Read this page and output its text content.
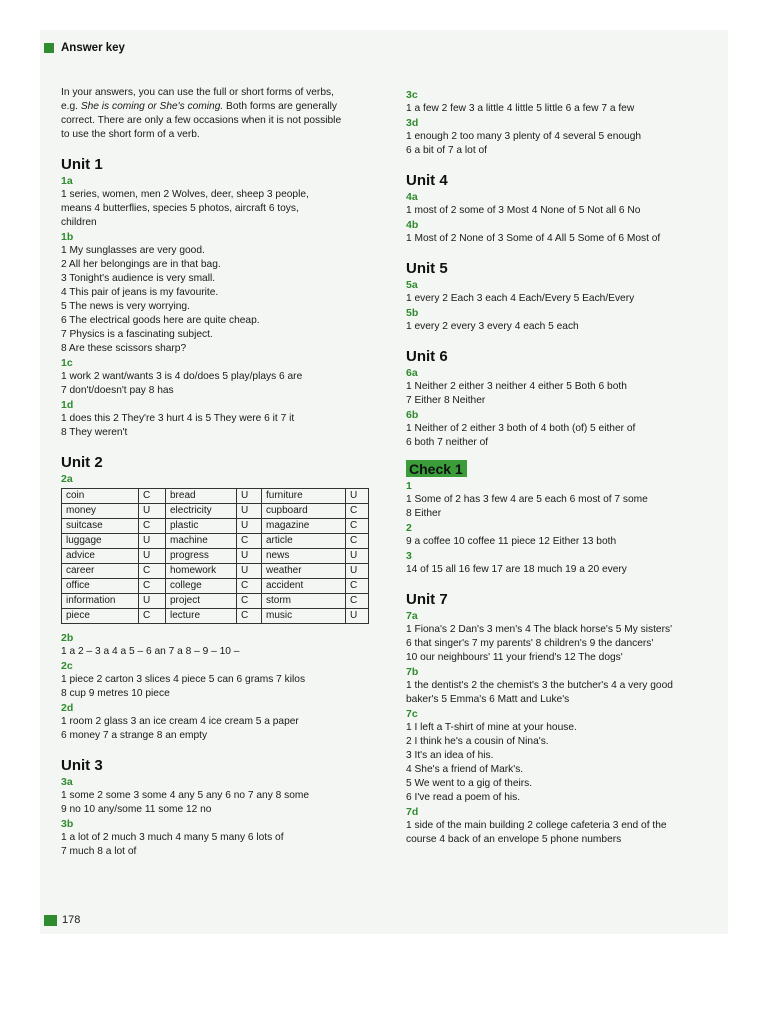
Answer key
In your answers, you can use the full or short forms of verbs,
e.g. She is coming or She's coming. Both forms are generally
correct. There are only a few occasions when it is not possible
to use the short form of a verb.
Unit 1
1a
1 series, women, men 2 Wolves, deer, sheep 3 people,
means 4 butterflies, species 5 photos, aircraft 6 toys,
children
1b
1 My sunglasses are very good.
2 All her belongings are in that bag.
3 Tonight's audience is very small.
4 This pair of jeans is my favourite.
5 The news is very worrying.
6 The electrical goods here are quite cheap.
7 Physics is a fascinating subject.
8 Are these scissors sharp?
1c
1 work 2 want/wants 3 is 4 do/does 5 play/plays 6 are
7 don't/doesn't pay 8 has
1d
1 does this 2 They're 3 hurt 4 is 5 They were 6 it 7 it
8 They weren't
Unit 2
2a
coin	C	bread	U	furniture	U
money	U	electricity	U	cupboard	C
suitcase	C	plastic	U	magazine	C
luggage	U	machine	C	article	C
advice	U	progress	U	news	U
career	C	homework	U	weather	U
office	C	college	C	accident	C
information	U	project	C	storm	C
piece	C	lecture	C	music	U
2b
1 a 2 – 3 a 4 a 5 – 6 an 7 a 8 – 9 – 10 –
2c
1 piece 2 carton 3 slices 4 piece 5 can 6 grams 7 kilos
8 cup 9 metres 10 piece
2d
1 room 2 glass 3 an ice cream 4 ice cream 5 a paper
6 money 7 a strange 8 an empty
Unit 3
3a
1 some 2 some 3 some 4 any 5 any 6 no 7 any 8 some
9 no 10 any/some 11 some 12 no
3b
1 a lot of 2 much 3 much 4 many 5 many 6 lots of
7 much 8 a lot of
3c
1 a few 2 few 3 a little 4 little 5 little 6 a few 7 a few
3d
1 enough 2 too many 3 plenty of 4 several 5 enough
6 a bit of 7 a lot of
Unit 4
4a
1 most of 2 some of 3 Most 4 None of 5 Not all 6 No
4b
1 Most of 2 None of 3 Some of 4 All 5 Some of 6 Most of
Unit 5
5a
1 every 2 Each 3 each 4 Each/Every 5 Each/Every
5b
1 every 2 every 3 every 4 each 5 each
Unit 6
6a
1 Neither 2 either 3 neither 4 either 5 Both 6 both
7 Either 8 Neither
6b
1 Neither of 2 either 3 both of 4 both (of) 5 either of
6 both 7 neither of
Check 1
1
1 Some of 2 has 3 few 4 are 5 each 6 most of 7 some
8 Either
2
9 a coffee 10 coffee 11 piece 12 Either 13 both
3
14 of 15 all 16 few 17 are 18 much 19 a 20 every
Unit 7
7a
1 Fiona's 2 Dan's 3 men's 4 The black horse's 5 My sisters'
6 that singer's 7 my parents' 8 children's 9 the dancers'
10 our neighbours' 11 your friend's 12 The dogs'
7b
1 the dentist's 2 the chemist's 3 the butcher's 4 a very good
baker's 5 Emma's 6 Matt and Luke's
7c
1 I left a T-shirt of mine at your house.
2 I think he's a cousin of Nina's.
3 It's an idea of his.
4 She's a friend of Mark's.
5 We went to a gig of theirs.
6 I've read a poem of his.
7d
1 side of the main building 2 college cafeteria 3 end of the
course 4 back of an envelope 5 phone numbers
178
